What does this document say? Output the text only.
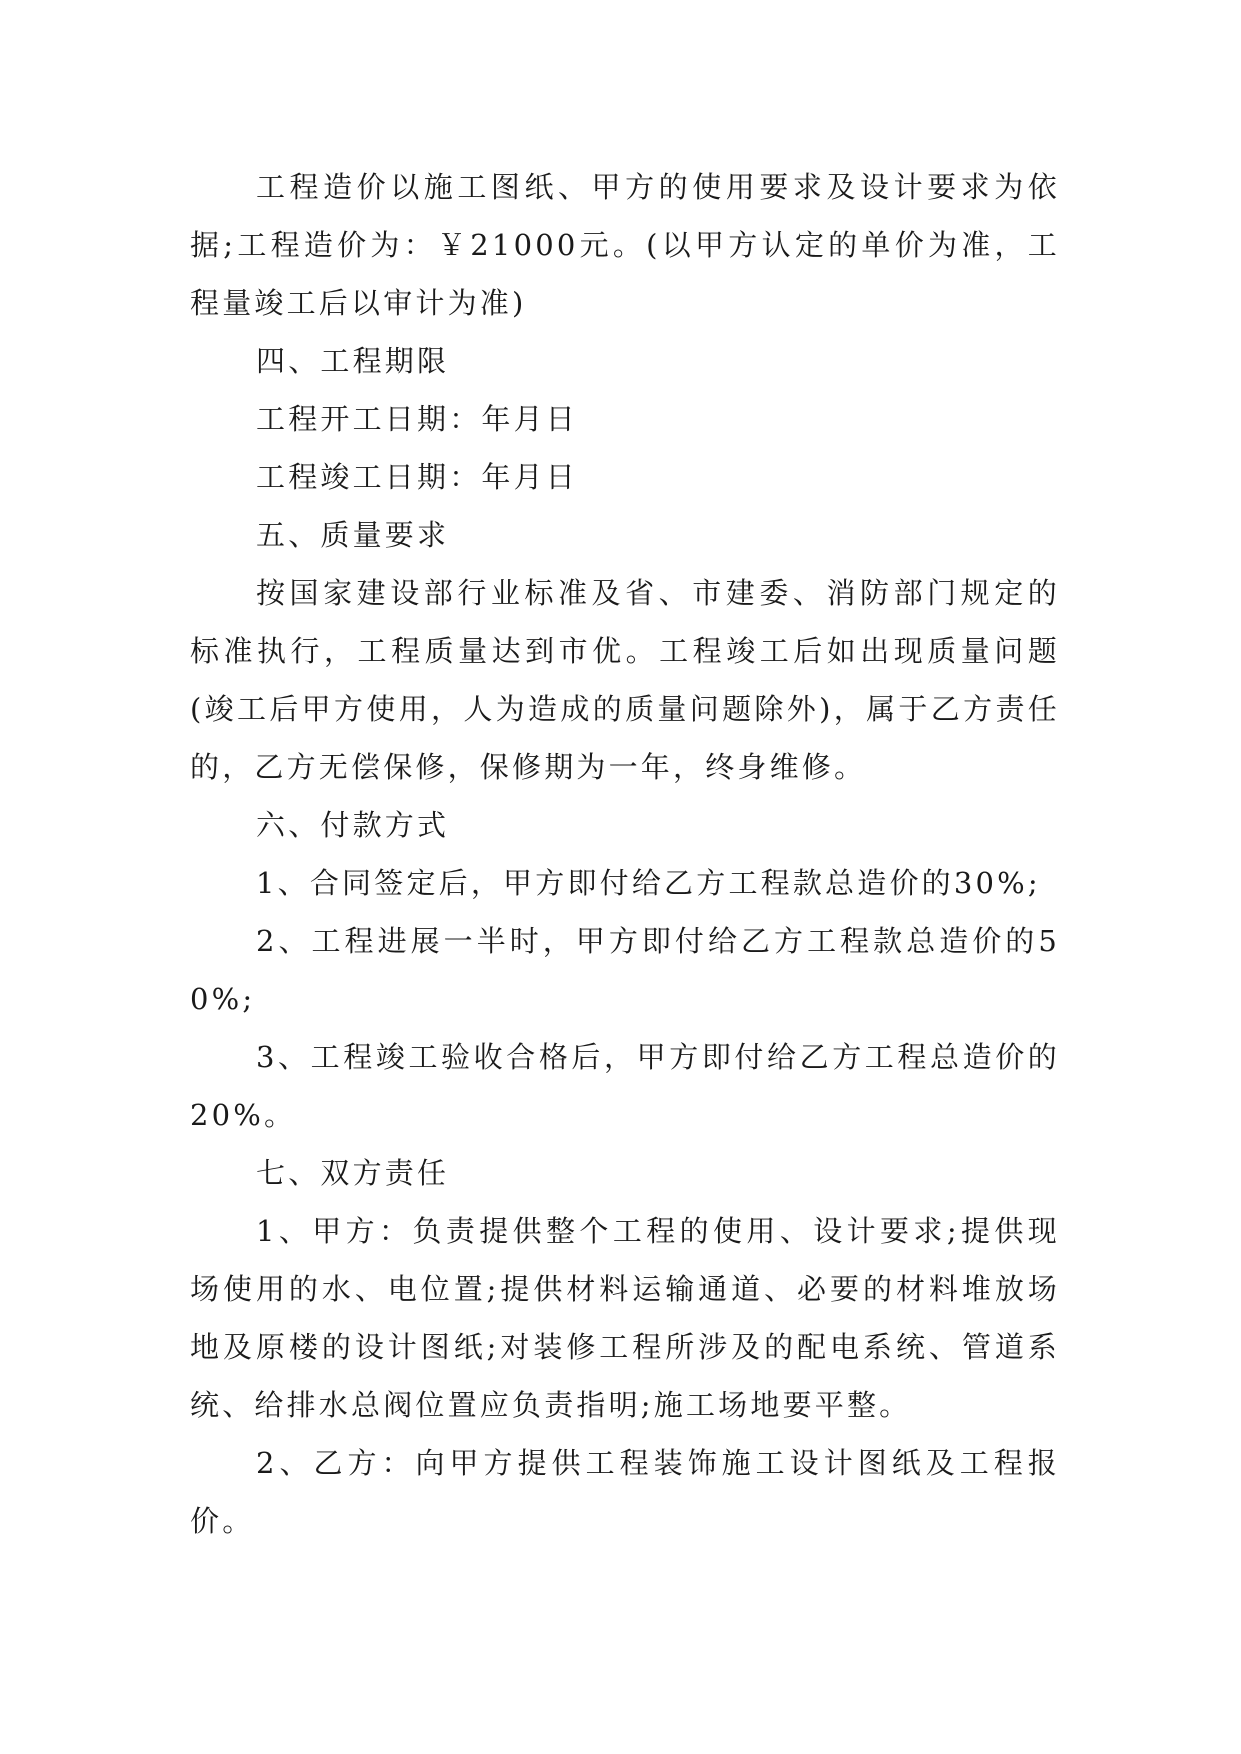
工程造价以施工图纸、甲方的使用要求及设计要求为依据;工程造价为：￥21000元。(以甲方认定的单价为准，工程量竣工后以审计为准)

四、工程期限

工程开工日期：年月日

工程竣工日期：年月日

五、质量要求

按国家建设部行业标准及省、市建委、消防部门规定的标准执行，工程质量达到市优。工程竣工后如出现质量问题(竣工后甲方使用，人为造成的质量问题除外)，属于乙方责任的，乙方无偿保修，保修期为一年，终身维修。

六、付款方式

1、合同签定后，甲方即付给乙方工程款总造价的30%;

2、工程进展一半时，甲方即付给乙方工程款总造价的50%;

3、工程竣工验收合格后，甲方即付给乙方工程总造价的20%。

七、双方责任

1、甲方：负责提供整个工程的使用、设计要求;提供现场使用的水、电位置;提供材料运输通道、必要的材料堆放场地及原楼的设计图纸;对装修工程所涉及的配电系统、管道系统、给排水总阀位置应负责指明;施工场地要平整。

2、乙方：向甲方提供工程装饰施工设计图纸及工程报价。
